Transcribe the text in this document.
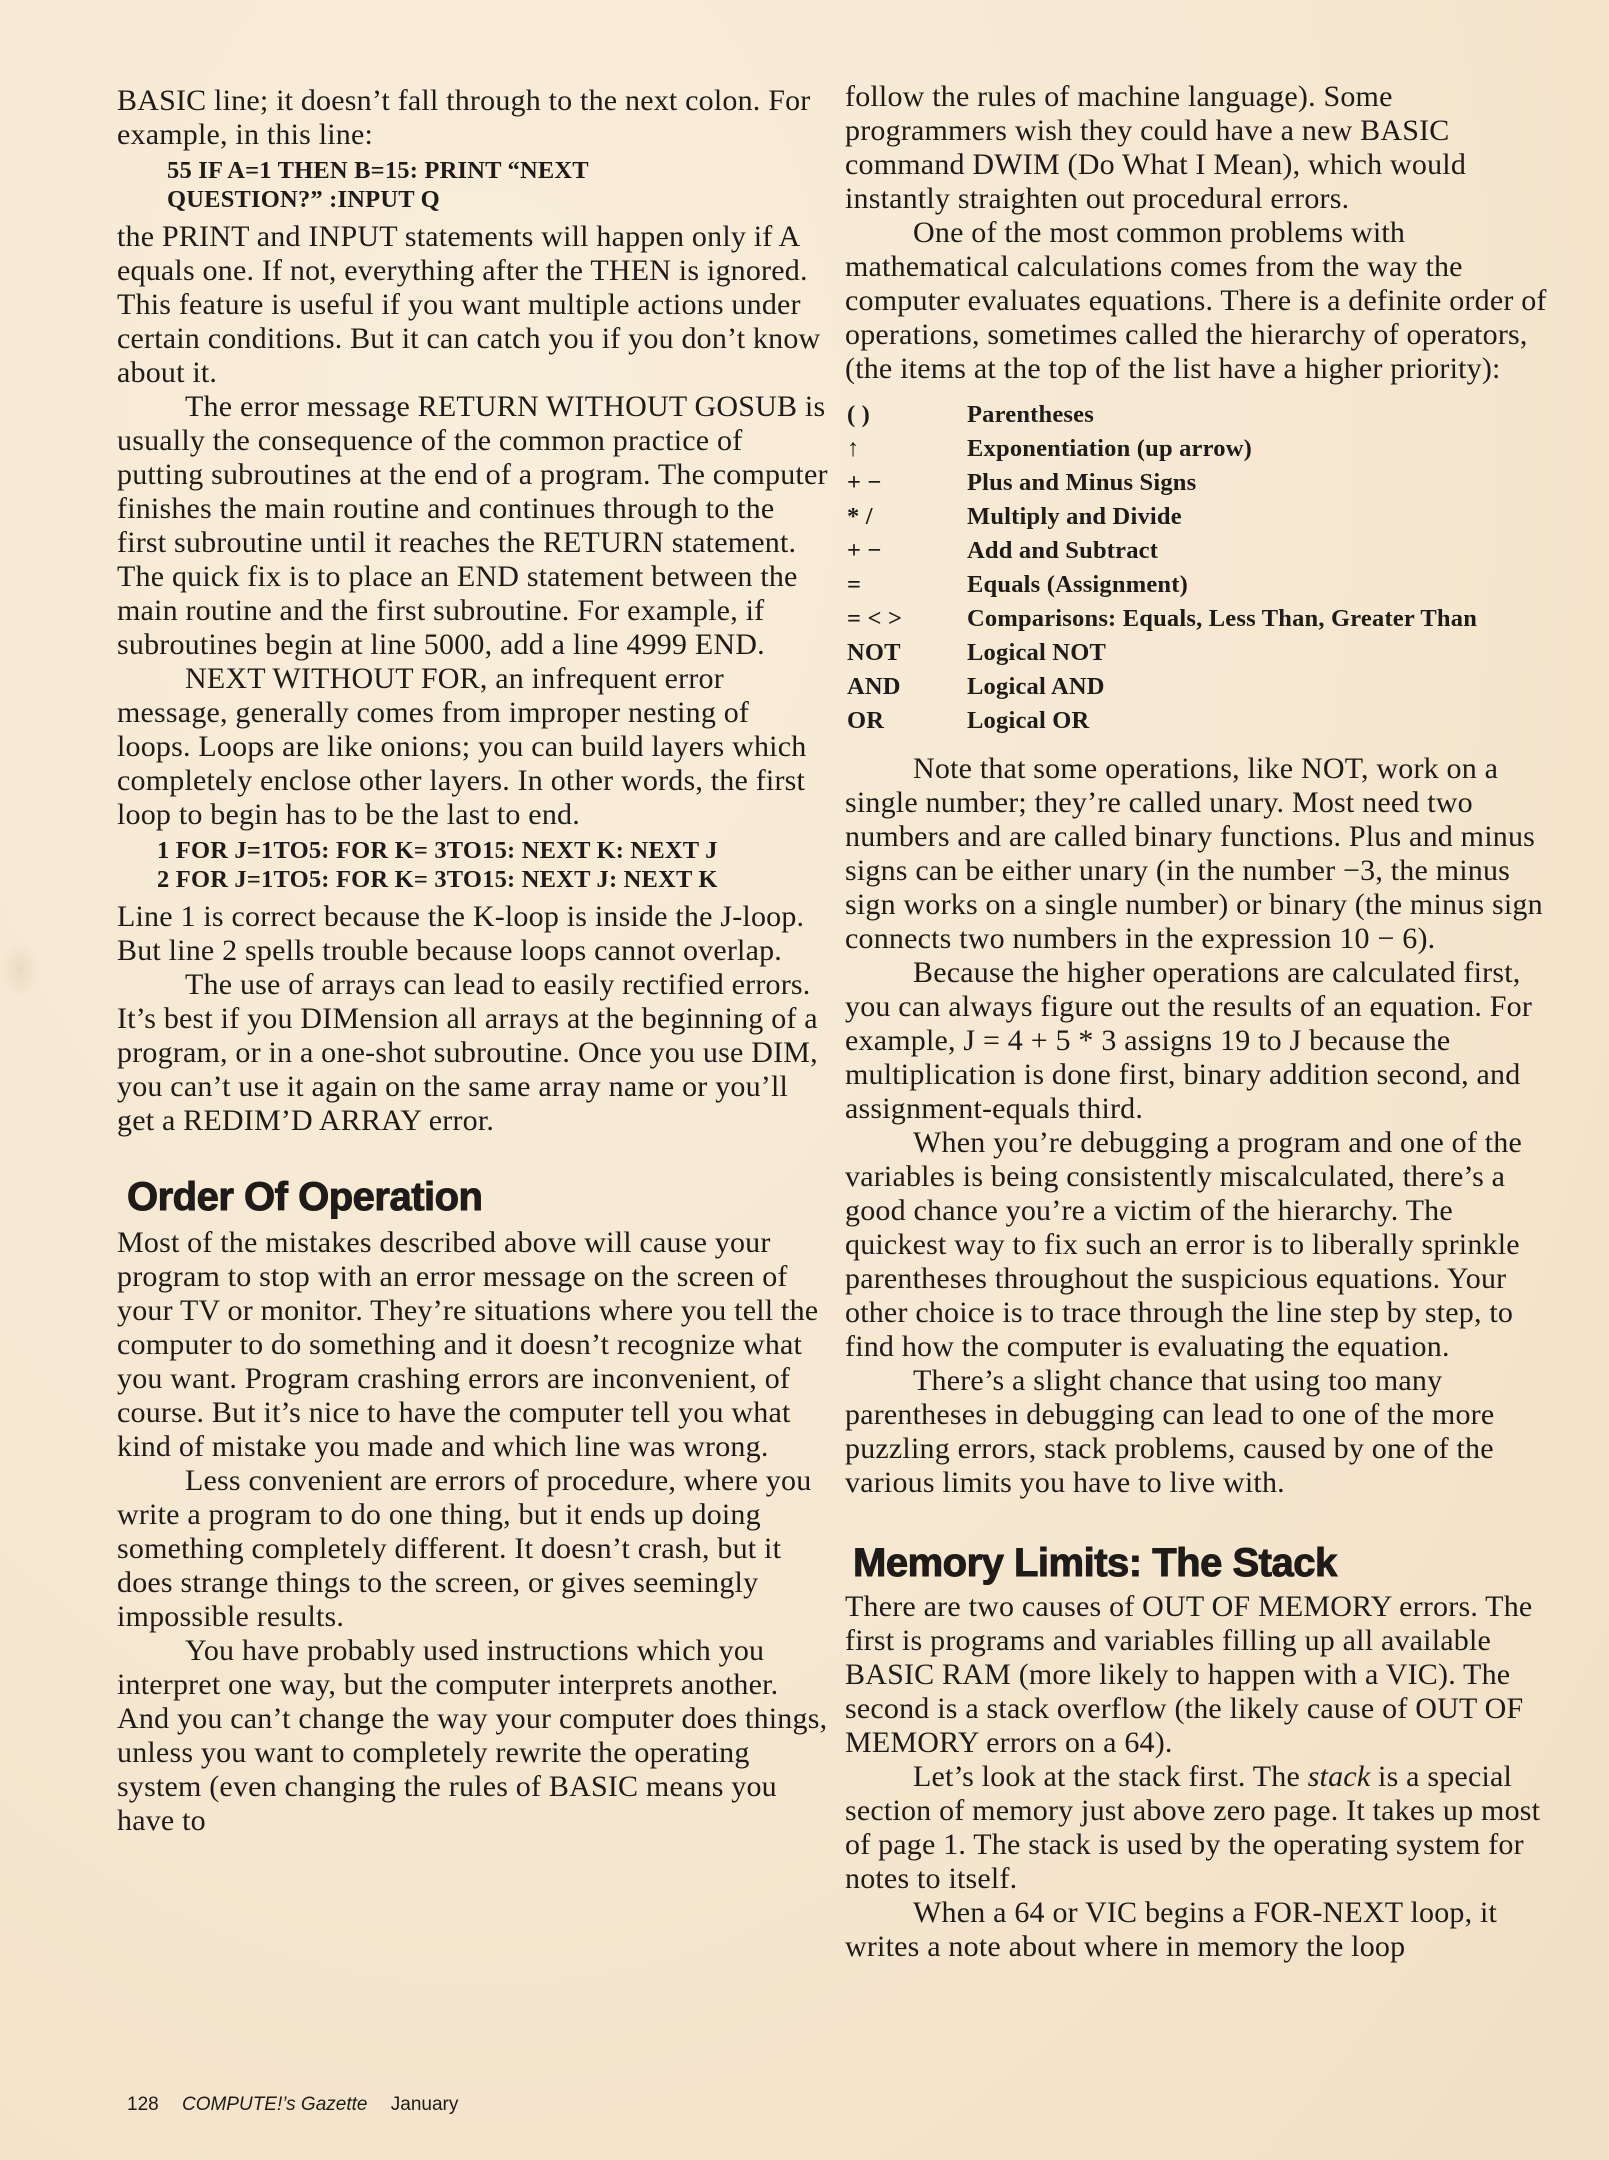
BASIC line; it doesn’t fall through to the next colon. For example, in this line:

55 IF A=1 THEN B=15: PRINT “NEXT
QUESTION?” :INPUT Q

the PRINT and INPUT statements will happen only if A equals one. If not, everything after the THEN is ignored. This feature is useful if you want multiple actions under certain conditions. But it can catch you if you don’t know about it.

The error message RETURN WITHOUT GOSUB is usually the consequence of the common practice of putting subroutines at the end of a program. The computer finishes the main routine and continues through to the first subroutine until it reaches the RETURN statement. The quick fix is to place an END statement between the main routine and the first subroutine. For example, if subroutines begin at line 5000, add a line 4999 END.

NEXT WITHOUT FOR, an infrequent error message, generally comes from improper nesting of loops. Loops are like onions; you can build layers which completely enclose other layers. In other words, the first loop to begin has to be the last to end.

1 FOR J=1TO5: FOR K= 3TO15: NEXT K: NEXT J
2 FOR J=1TO5: FOR K= 3TO15: NEXT J: NEXT K

Line 1 is correct because the K-loop is inside the J-loop. But line 2 spells trouble because loops cannot overlap.

The use of arrays can lead to easily rectified errors. It’s best if you DIMension all arrays at the beginning of a program, or in a one-shot subroutine. Once you use DIM, you can’t use it again on the same array name or you’ll get a REDIM’D ARRAY error.

Order Of Operation

Most of the mistakes described above will cause your program to stop with an error message on the screen of your TV or monitor. They’re situations where you tell the computer to do something and it doesn’t recognize what you want. Program crashing errors are inconvenient, of course. But it’s nice to have the computer tell you what kind of mistake you made and which line was wrong.

Less convenient are errors of procedure, where you write a program to do one thing, but it ends up doing something completely different. It doesn’t crash, but it does strange things to the screen, or gives seemingly impossible results.

You have probably used instructions which you interpret one way, but the computer interprets another. And you can’t change the way your computer does things, unless you want to completely rewrite the operating system (even changing the rules of BASIC means you have to

follow the rules of machine language). Some programmers wish they could have a new BASIC command DWIM (Do What I Mean), which would instantly straighten out procedural errors.

One of the most common problems with mathematical calculations comes from the way the computer evaluates equations. There is a definite order of operations, sometimes called the hierarchy of operators, (the items at the top of the list have a higher priority):

( )	Parentheses
↑	Exponentiation (up arrow)
+ −	Plus and Minus Signs
* /	Multiply and Divide
+ −	Add and Subtract
=	Equals (Assignment)
= < >	Comparisons: Equals, Less Than, Greater Than
NOT	Logical NOT
AND	Logical AND
OR	Logical OR

Note that some operations, like NOT, work on a single number; they’re called unary. Most need two numbers and are called binary functions. Plus and minus signs can be either unary (in the number −3, the minus sign works on a single number) or binary (the minus sign connects two numbers in the expression 10 − 6).

Because the higher operations are calculated first, you can always figure out the results of an equation. For example, J = 4 + 5 * 3 assigns 19 to J because the multiplication is done first, binary addition second, and assignment-equals third.

When you’re debugging a program and one of the variables is being consistently miscalculated, there’s a good chance you’re a victim of the hierarchy. The quickest way to fix such an error is to liberally sprinkle parentheses throughout the suspicious equations. Your other choice is to trace through the line step by step, to find how the computer is evaluating the equation.

There’s a slight chance that using too many parentheses in debugging can lead to one of the more puzzling errors, stack problems, caused by one of the various limits you have to live with.

Memory Limits: The Stack

There are two causes of OUT OF MEMORY errors. The first is programs and variables filling up all available BASIC RAM (more likely to happen with a VIC). The second is a stack overflow (the likely cause of OUT OF MEMORY errors on a 64).

Let’s look at the stack first. The stack is a special section of memory just above zero page. It takes up most of page 1. The stack is used by the operating system for notes to itself.

When a 64 or VIC begins a FOR-NEXT loop, it writes a note about where in memory the loop

128 COMPUTE!’s Gazette January
